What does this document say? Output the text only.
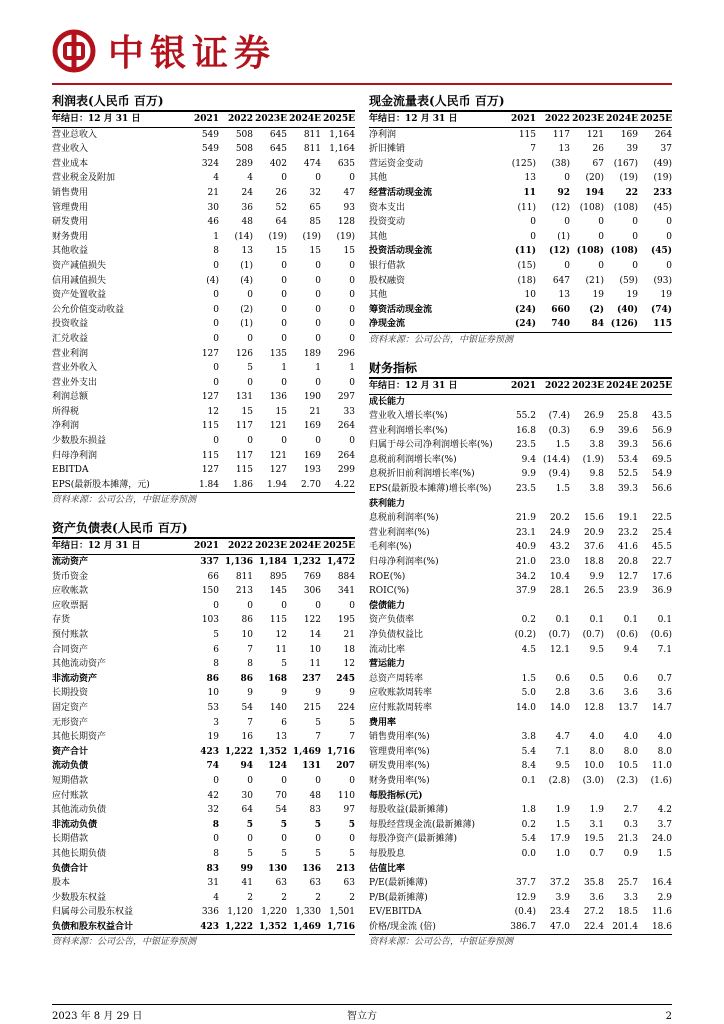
中银证券
利润表(人民币 百万)
年结日：12 月 31 日	2021	2022	2023E	2024E	2025E
营业总收入	549	508	645	811	1,164
营业收入	549	508	645	811	1,164
营业成本	324	289	402	474	635
营业税金及附加	4	4	0	0	0
销售费用	21	24	26	32	47
管理费用	30	36	52	65	93
研发费用	46	48	64	85	128
财务费用	1	(14)	(19)	(19)	(19)
其他收益	8	13	15	15	15
资产减值损失	0	(1)	0	0	0
信用减值损失	(4)	(4)	0	0	0
资产处置收益	0	0	0	0	0
公允价值变动收益	0	(2)	0	0	0
投资收益	0	(1)	0	0	0
汇兑收益	0	0	0	0	0
营业利润	127	126	135	189	296
营业外收入	0	5	1	1	1
营业外支出	0	0	0	0	0
利润总额	127	131	136	190	297
所得税	12	15	15	21	33
净利润	115	117	121	169	264
少数股东损益	0	0	0	0	0
归母净利润	115	117	121	169	264
EBITDA	127	115	127	193	299
EPS(最新股本摊薄，元)	1.84	1.86	1.94	2.70	4.22
资料来源：公司公告，中银证券预测
资产负债表(人民币 百万)
年结日：12 月 31 日	2021	2022	2023E	2024E	2025E
流动资产	337	1,136	1,184	1,232	1,472
货币资金	66	811	895	769	884
应收帐款	150	213	145	306	341
应收票据	0	0	0	0	0
存货	103	86	115	122	195
预付账款	5	10	12	14	21
合同资产	6	7	11	10	18
其他流动资产	8	8	5	11	12
非流动资产	86	86	168	237	245
长期投资	10	9	9	9	9
固定资产	53	54	140	215	224
无形资产	3	7	6	5	5
其他长期资产	19	16	13	7	7
资产合计	423	1,222	1,352	1,469	1,716
流动负债	74	94	124	131	207
短期借款	0	0	0	0	0
应付账款	42	30	70	48	110
其他流动负债	32	64	54	83	97
非流动负债	8	5	5	5	5
长期借款	0	0	0	0	0
其他长期负债	8	5	5	5	5
负债合计	83	99	130	136	213
股本	31	41	63	63	63
少数股东权益	4	2	2	2	2
归属母公司股东权益	336	1,120	1,220	1,330	1,501
负债和股东权益合计	423	1,222	1,352	1,469	1,716
资料来源：公司公告，中银证券预测
现金流量表(人民币 百万)
年结日：12 月 31 日	2021	2022	2023E	2024E	2025E
净利润	115	117	121	169	264
折旧摊销	7	13	26	39	37
营运资金变动	(125)	(38)	67	(167)	(49)
其他	13	0	(20)	(19)	(19)
经营活动现金流	11	92	194	22	233
资本支出	(11)	(12)	(108)	(108)	(45)
投资变动	0	0	0	0	0
其他	0	(1)	0	0	0
投资活动现金流	(11)	(12)	(108)	(108)	(45)
银行借款	(15)	0	0	0	0
股权融资	(18)	647	(21)	(59)	(93)
其他	10	13	19	19	19
筹资活动现金流	(24)	660	(2)	(40)	(74)
净现金流	(24)	740	84	(126)	115
资料来源：公司公告，中银证券预测
财务指标
年结日：12 月 31 日	2021	2022	2023E	2024E	2025E
成长能力					
营业收入增长率(%)	55.2	(7.4)	26.9	25.8	43.5
营业利润增长率(%)	16.8	(0.3)	6.9	39.6	56.9
归属于母公司净利润增长率(%)	23.5	1.5	3.8	39.3	56.6
息税前利润增长率(%)	9.4	(14.4)	(1.9)	53.4	69.5
息税折旧前利润增长率(%)	9.9	(9.4)	9.8	52.5	54.9
EPS(最新股本摊薄)增长率(%)	23.5	1.5	3.8	39.3	56.6
获利能力					
息税前利润率(%)	21.9	20.2	15.6	19.1	22.5
营业利润率(%)	23.1	24.9	20.9	23.2	25.4
毛利率(%)	40.9	43.2	37.6	41.6	45.5
归母净利润率(%)	21.0	23.0	18.8	20.8	22.7
ROE(%)	34.2	10.4	9.9	12.7	17.6
ROIC(%)	37.9	28.1	26.5	23.9	36.9
偿债能力					
资产负债率	0.2	0.1	0.1	0.1	0.1
净负债权益比	(0.2)	(0.7)	(0.7)	(0.6)	(0.6)
流动比率	4.5	12.1	9.5	9.4	7.1
营运能力					
总资产周转率	1.5	0.6	0.5	0.6	0.7
应收账款周转率	5.0	2.8	3.6	3.6	3.6
应付账款周转率	14.0	14.0	12.8	13.7	14.7
费用率					
销售费用率(%)	3.8	4.7	4.0	4.0	4.0
管理费用率(%)	5.4	7.1	8.0	8.0	8.0
研发费用率(%)	8.4	9.5	10.0	10.5	11.0
财务费用率(%)	0.1	(2.8)	(3.0)	(2.3)	(1.6)
每股指标(元)					
每股收益(最新摊薄)	1.8	1.9	1.9	2.7	4.2
每股经营现金流(最新摊薄)	0.2	1.5	3.1	0.3	3.7
每股净资产(最新摊薄)	5.4	17.9	19.5	21.3	24.0
每股股息	0.0	1.0	0.7	0.9	1.5
估值比率					
P/E(最新摊薄)	37.7	37.2	35.8	25.7	16.4
P/B(最新摊薄)	12.9	3.9	3.6	3.3	2.9
EV/EBITDA	(0.4)	23.4	27.2	18.5	11.6
价格/现金流 (倍)	386.7	47.0	22.4	201.4	18.6
资料来源：公司公告，中银证券预测
2023 年 8 月 29 日	智立方	2
